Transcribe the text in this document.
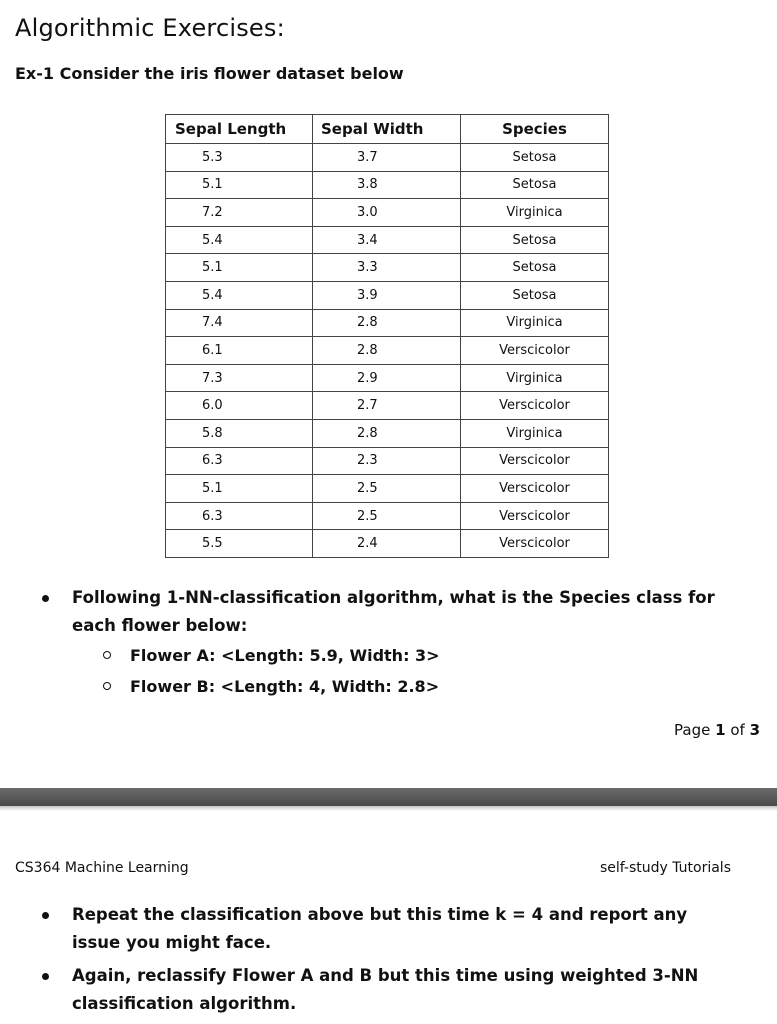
Algorithmic Exercises:
Ex-1 Consider the iris flower dataset below
Sepal Length	Sepal Width	Species
5.3	3.7	Setosa
5.1	3.8	Setosa
7.2	3.0	Virginica
5.4	3.4	Setosa
5.1	3.3	Setosa
5.4	3.9	Setosa
7.4	2.8	Virginica
6.1	2.8	Verscicolor
7.3	2.9	Virginica
6.0	2.7	Verscicolor
5.8	2.8	Virginica
6.3	2.3	Verscicolor
5.1	2.5	Verscicolor
6.3	2.5	Verscicolor
5.5	2.4	Verscicolor
Following 1-NN-classification algorithm, what is the Species class for each flower below:
Flower A: <Length: 5.9, Width: 3>
Flower B: <Length: 4, Width: 2.8>
Page 1 of 3
CS364 Machine Learning	self-study Tutorials
Repeat the classification above but this time k = 4 and report any issue you might face.
Again, reclassify Flower A and B but this time using weighted 3-NN classification algorithm.
